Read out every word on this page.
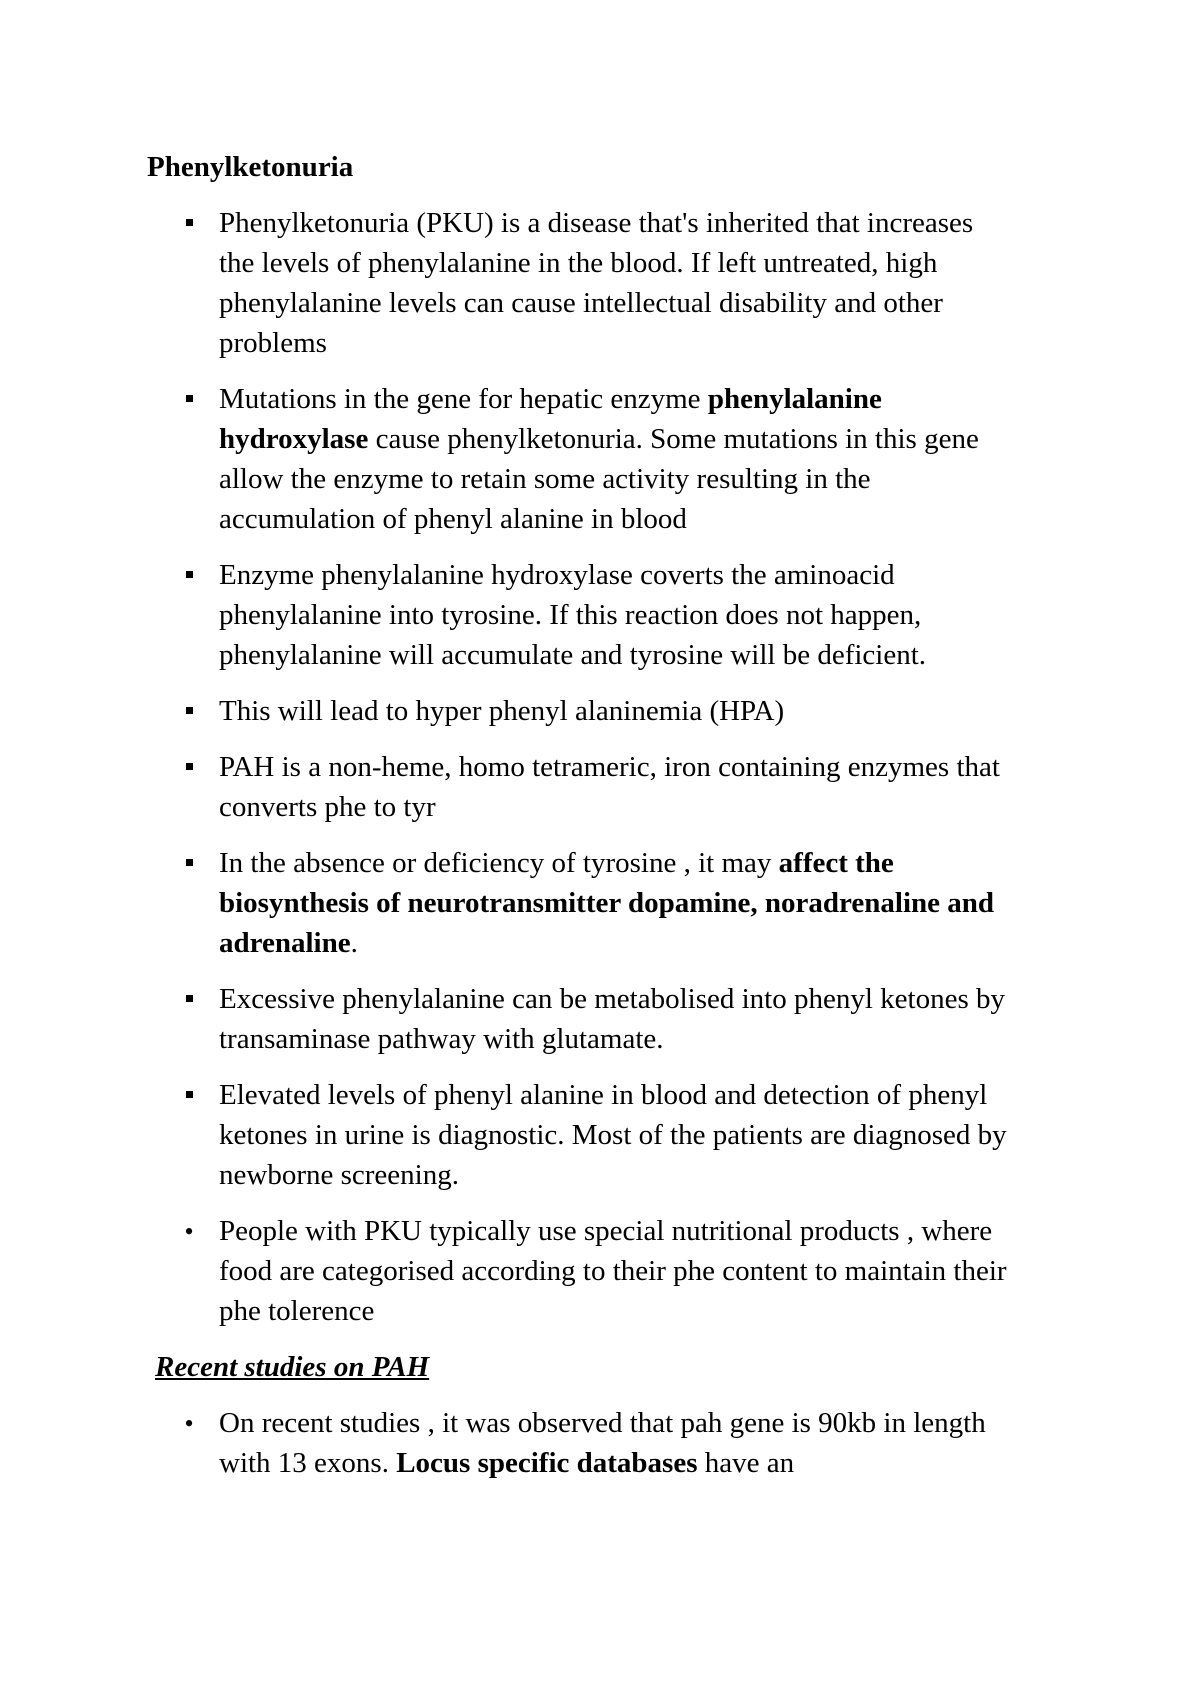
Phenylketonuria
Phenylketonuria (PKU) is a disease that's inherited that increases the levels of phenylalanine in the blood. If left untreated, high phenylalanine levels can cause intellectual disability and other problems
Mutations in the gene for hepatic enzyme phenylalanine hydroxylase cause phenylketonuria. Some mutations in this gene allow the enzyme to retain some activity resulting in the accumulation of phenyl alanine in blood
Enzyme phenylalanine hydroxylase coverts the aminoacid phenylalanine into tyrosine. If this reaction does not happen, phenylalanine will accumulate and tyrosine will be deficient.
This will lead to hyper phenyl alaninemia (HPA)
PAH is a non-heme, homo tetrameric, iron containing enzymes that converts phe to tyr
In the absence or deficiency of tyrosine , it may affect the biosynthesis of neurotransmitter dopamine, noradrenaline and adrenaline.
Excessive phenylalanine can be metabolised into phenyl ketones by transaminase pathway with glutamate.
Elevated levels of phenyl alanine in blood and detection of phenyl ketones in urine is diagnostic. Most of the patients are diagnosed by newborne screening.
•
People with PKU typically use special nutritional products , where food are categorised according to their phe content to maintain their phe tolerence
Recent studies on PAH
•
On recent studies , it was observed that pah gene is 90kb in length with 13 exons. Locus specific databases have an
